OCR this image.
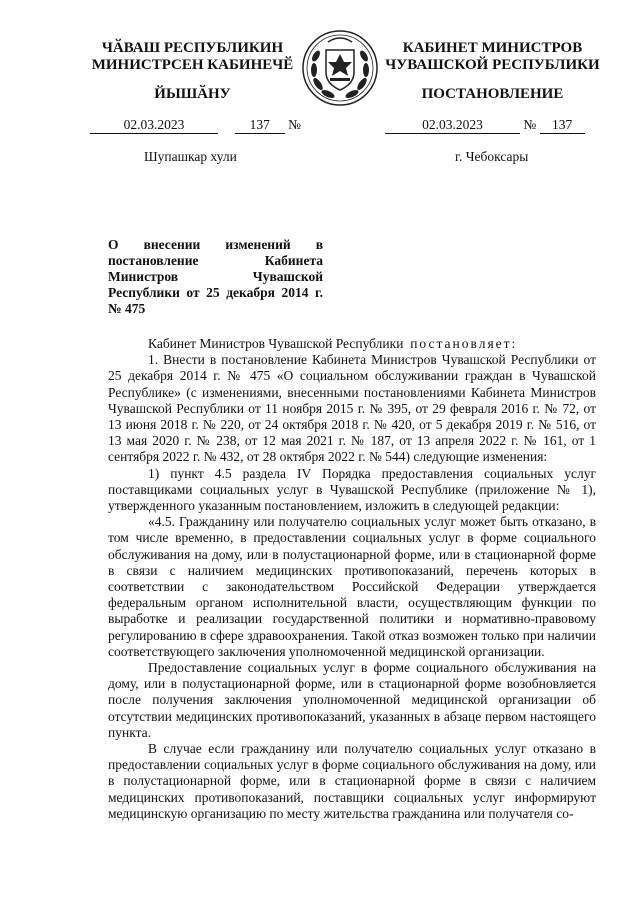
ЧӐВАШ РЕСПУБЛИКИН
МИНИСТРСЕН КАБИНЕЧӖ
ЙЫШӐНУ
КАБИНЕТ МИНИСТРОВ
ЧУВАШСКОЙ РЕСПУБЛИКИ
ПОСТАНОВЛЕНИЕ
02.03.2023	137 №	02.03.2023	№ 137
Шупашкар хули	г. Чебоксары
О внесении изменений в постановление Кабинета Министров Чувашской Республики от 25 декабря 2014 г. № 475

Кабинет Министров Чувашской Республики постановляет:

1. Внести в постановление Кабинета Министров Чувашской Республики от 25 декабря 2014 г. № 475 «О социальном обслуживании граждан в Чувашской Республике» (с изменениями, внесенными постановлениями Кабинета Министров Чувашской Республики от 11 ноября 2015 г. № 395, от 29 февраля 2016 г. № 72, от 13 июня 2018 г. № 220, от 24 октября 2018 г. № 420, от 5 декабря 2019 г. № 516, от 13 мая 2020 г. № 238, от 12 мая 2021 г. № 187, от 13 апреля 2022 г. № 161, от 1 сентября 2022 г. № 432, от 28 октября 2022 г. № 544) следующие изменения:

1) пункт 4.5 раздела IV Порядка предоставления социальных услуг поставщиками социальных услуг в Чувашской Республике (приложение № 1), утвержденного указанным постановлением, изложить в следующей редакции:

«4.5. Гражданину или получателю социальных услуг может быть отказано, в том числе временно, в предоставлении социальных услуг в форме социального обслуживания на дому, или в полустационарной форме, или в стационарной форме в связи с наличием медицинских противопоказаний, перечень которых в соответствии с законодательством Российской Федерации утверждается федеральным органом исполнительной власти, осуществляющим функции по выработке и реализации государственной политики и нормативно-правовому регулированию в сфере здравоохранения. Такой отказ возможен только при наличии соответствующего заключения уполномоченной медицинской организации.

Предоставление социальных услуг в форме социального обслуживания на дому, или в полустационарной форме, или в стационарной форме возобновляется после получения заключения уполномоченной медицинской организации об отсутствии медицинских противопоказаний, указанных в абзаце первом настоящего пункта.

В случае если гражданину или получателю социальных услуг отказано в предоставлении социальных услуг в форме социального обслуживания на дому, или в полустационарной форме, или в стационарной форме в связи с наличием медицинских противопоказаний, поставщики социальных услуг информируют медицинскую организацию по месту жительства гражданина или получателя со-
